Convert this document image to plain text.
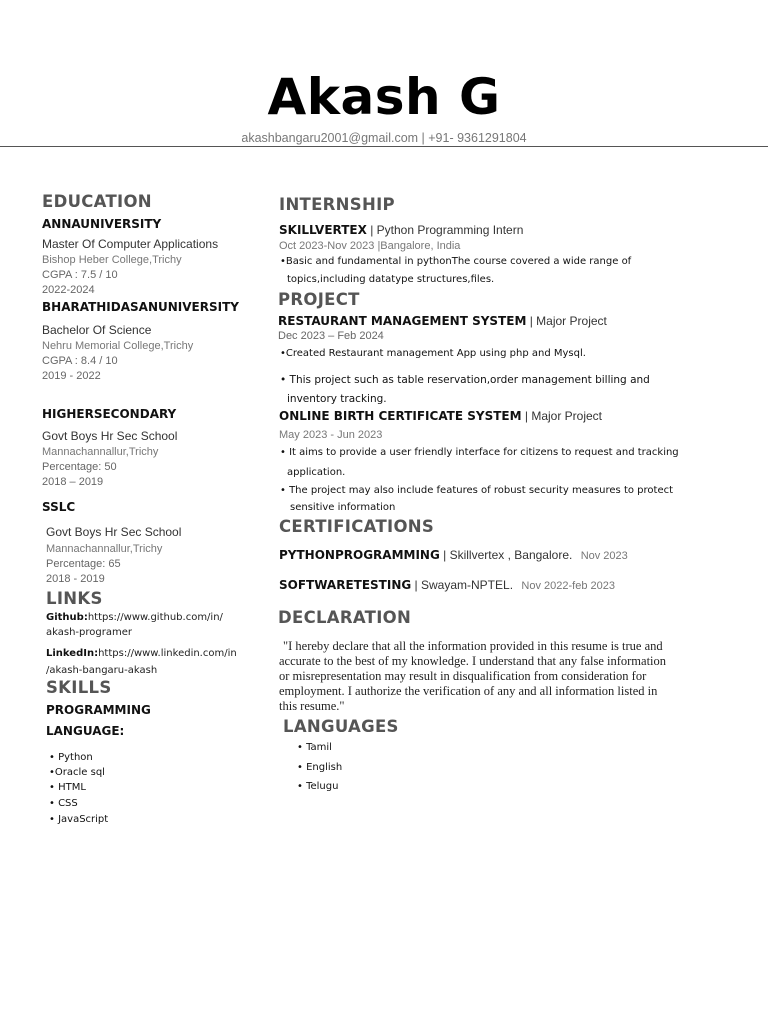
Akash G
akashbangaru2001@gmail.com | +91- 9361291804
EDUCATION
ANNAUNIVERSITY
Master Of Computer Applications
Bishop Heber College,Trichy
CGPA : 7.5 / 10
2022-2024
BHARATHIDASANUNIVERSITY
Bachelor Of Science
Nehru Memorial College,Trichy
CGPA : 8.4 / 10
2019 - 2022
HIGHERSECONDARY
Govt Boys Hr Sec School
Mannachannallur,Trichy
Percentage: 50
2018 – 2019
SSLC
Govt Boys Hr Sec School
Mannachannallur,Trichy
Percentage: 65
2018 - 2019
LINKS
Github:https://www.github.com/in/
akash-programer
LinkedIn:https://www.linkedin.com/in
/akash-bangaru-akash
SKILLS
PROGRAMMING
LANGUAGE:
• Python
•Oracle sql
• HTML
• CSS
• JavaScript
INTERNSHIP
SKILLVERTEX | Python Programming Intern
Oct 2023-Nov 2023 |Bangalore, India
•Basic and fundamental in pythonThe course covered a wide range of
topics,including datatype structures,files.
PROJECT
RESTAURANT MANAGEMENT SYSTEM | Major Project
Dec 2023 – Feb 2024
•Created Restaurant management App using php and Mysql.
• This project such as table reservation,order management billing and
inventory tracking.
ONLINE BIRTH CERTIFICATE SYSTEM | Major Project
May 2023 - Jun 2023
• It aims to provide a user friendly interface for citizens to request and tracking
application.
• The project may also include features of robust security measures to protect
sensitive information
CERTIFICATIONS
PYTHONPROGRAMMING | Skillvertex , Bangalore. Nov 2023
SOFTWARETESTING | Swayam-NPTEL. Nov 2022-feb 2023
DECLARATION
"I hereby declare that all the information provided in this resume is true and
accurate to the best of my knowledge. I understand that any false information
or misrepresentation may result in disqualification from consideration for
employment. I authorize the verification of any and all information listed in
this resume."
LANGUAGES
• Tamil
• English
• Telugu
